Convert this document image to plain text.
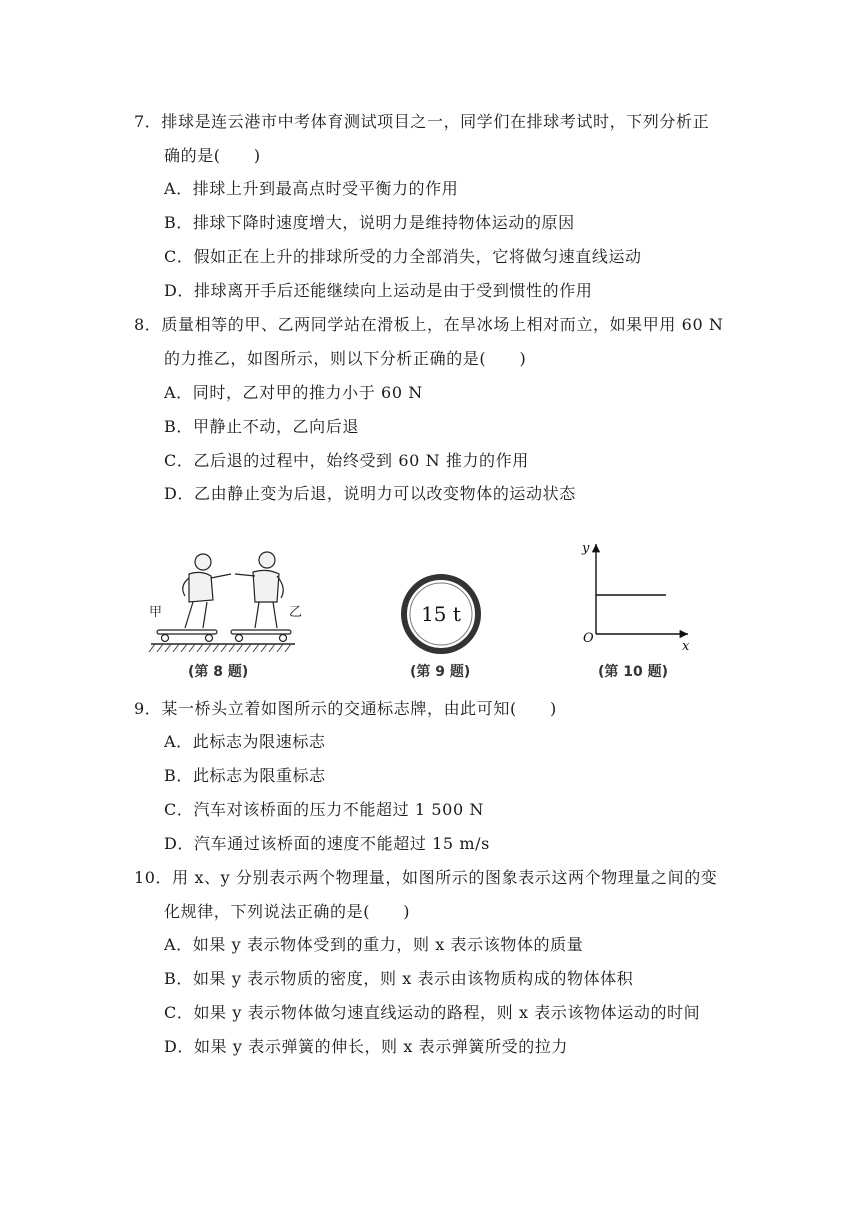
7．排球是连云港市中考体育测试项目之一，同学们在排球考试时，下列分析正
确的是(　　)
A．排球上升到最高点时受平衡力的作用
B．排球下降时速度增大，说明力是维持物体运动的原因
C．假如正在上升的排球所受的力全部消失，它将做匀速直线运动
D．排球离开手后还能继续向上运动是由于受到惯性的作用
8．质量相等的甲、乙两同学站在滑板上，在旱冰场上相对而立，如果甲用 60 N
的力推乙，如图所示，则以下分析正确的是(　　)
A．同时，乙对甲的推力小于 60 N
B．甲静止不动，乙向后退
C．乙后退的过程中，始终受到 60 N 推力的作用
D．乙由静止变为后退，说明力可以改变物体的运动状态
甲	乙
(第 8 题)
15 t
(第 9 题)
y
x
O
(第 10 题)
9．某一桥头立着如图所示的交通标志牌，由此可知(　　)
A．此标志为限速标志
B．此标志为限重标志
C．汽车对该桥面的压力不能超过 1 500 N
D．汽车通过该桥面的速度不能超过 15 m/s
10．用 x、y 分别表示两个物理量，如图所示的图象表示这两个物理量之间的变
化规律，下列说法正确的是(　　)
A．如果 y 表示物体受到的重力，则 x 表示该物体的质量
B．如果 y 表示物质的密度，则 x 表示由该物质构成的物体体积
C．如果 y 表示物体做匀速直线运动的路程，则 x 表示该物体运动的时间
D．如果 y 表示弹簧的伸长，则 x 表示弹簧所受的拉力
